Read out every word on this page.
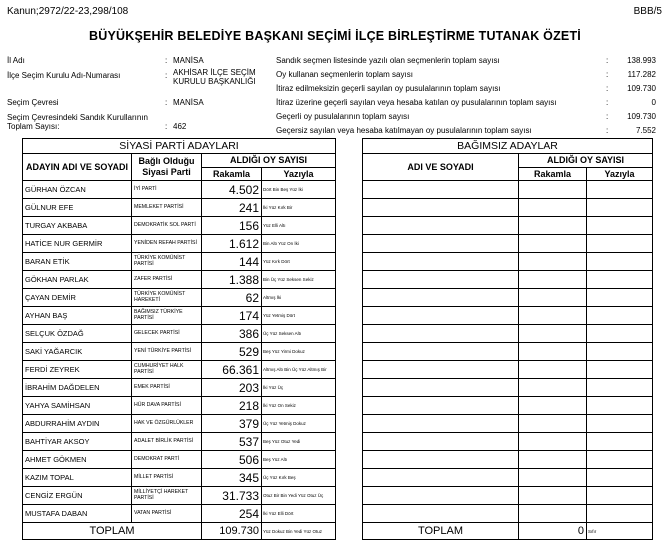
Kanun;2972/22-23,298/108	BBB/5
BÜYÜKŞEHİR BELEDİYE BAŞKANI SEÇİMİ İLÇE BİRLEŞTİRME TUTANAK ÖZETİ
İl Adı	: MANİSA
İlçe Seçim Kurulu Adı-Numarası	: AKHİSAR İLÇE SEÇİM KURULU BAŞKANLIĞI
Seçim Çevresi	: MANİSA
Seçim Çevresindeki Sandık Kurullarının Toplam Sayısı:	: 462
Sandık seçmen listesinde yazılı olan seçmenlerin toplam sayısı	: 138.993
Oy kullanan seçmenlerin toplam sayısı	: 117.282
İtiraz edilmeksizin geçerli sayılan oy pusulalarının toplam sayısı	: 109.730
İtiraz üzerine geçerli sayılan veya hesaba katılan oy pusulalarının toplam sayısı	:	0
Geçerli oy pusulalarının toplam sayısı	: 109.730
Geçersiz sayılan veya hesaba katılmayan oy pusulalarının toplam sayısı	:	7.552
SİYASİ PARTİ ADAYLARI			
ADAYIN ADI VE SOYADI	Bağlı Olduğu Siyasi Parti	ALDIĞI OY SAYISI	
		Rakamla	Yazıyla
GÜRHAN ÖZCAN	İYİ PARTİ	4.502	Dört Bin Beş Yüz İki
GÜLNUR EFE	MEMLEKET PARTİSİ	241	İki Yüz Kırk Bir
TURGAY AKBABA	DEMOKRATİK SOL PARTİ	156	Yüz Elli Altı
HATİCE NUR GERMİR	YENİDEN REFAH PARTİSİ	1.612	Bin Altı Yüz On İki
BARAN ETİK	TÜRKİYE KOMÜNİST PARTİSİ	144	Yüz Kırk Dört
GÖKHAN PARLAK	ZAFER PARTİSİ	1.388	Bin Üç Yüz Seksen Sekiz
ÇAYAN DEMİR	TÜRKİYE KOMÜNİST HAREKETİ	62	Altmış İki
AYHAN BAŞ	BAĞIMSIZ TÜRKİYE PARTİSİ	174	Yüz Yetmiş Dört
SELÇUK ÖZDAĞ	GELECEK PARTİSİ	386	Üç Yüz Seksen Altı
SAKİ YAĞARCIK	YENİ TÜRKİYE PARTİSİ	529	Beş Yüz Yirmi Dokuz
FERDİ ZEYREK	CUMHURİYET HALK PARTİSİ	66.361	Altmış Altı Bin Üç Yüz Altmış Bir
İBRAHİM DAĞDELEN	EMEK PARTİSİ	203	İki Yüz Üç
YAHYA SAMİHSAN	HÜR DAVA PARTİSİ	218	İki Yüz On Sekiz
ABDURRAHİM AYDIN	HAK VE ÖZGÜRLÜKLER	379	Üç Yüz Yetmiş Dokuz
BAHTİYAR AKSOY	ADALET BİRLİK PARTİSİ	537	Beş Yüz Otuz Yedi
AHMET GÖKMEN	DEMOKRAT PARTİ	506	Beş Yüz Altı
KAZIM TOPAL	MİLLET PARTİSİ	345	Üç Yüz Kırk Beş
CENGİZ ERGÜN	MİLLİYETÇİ HAREKET PARTİSİ	31.733	Otuz Bir Bin Yedi Yüz Otuz Üç
MUSTAFA DABAN	VATAN PARTİSİ	254	İki Yüz Elli Dört
TOPLAM		109.730	Yüz Dokuz Bin Yedi Yüz Otuz
BAĞIMSIZ ADAYLAR		
ADI VE SOYADI	ALDIĞI OY SAYISI	
	Rakamla	Yazıyla

TOPLAM	0	Sıfır
